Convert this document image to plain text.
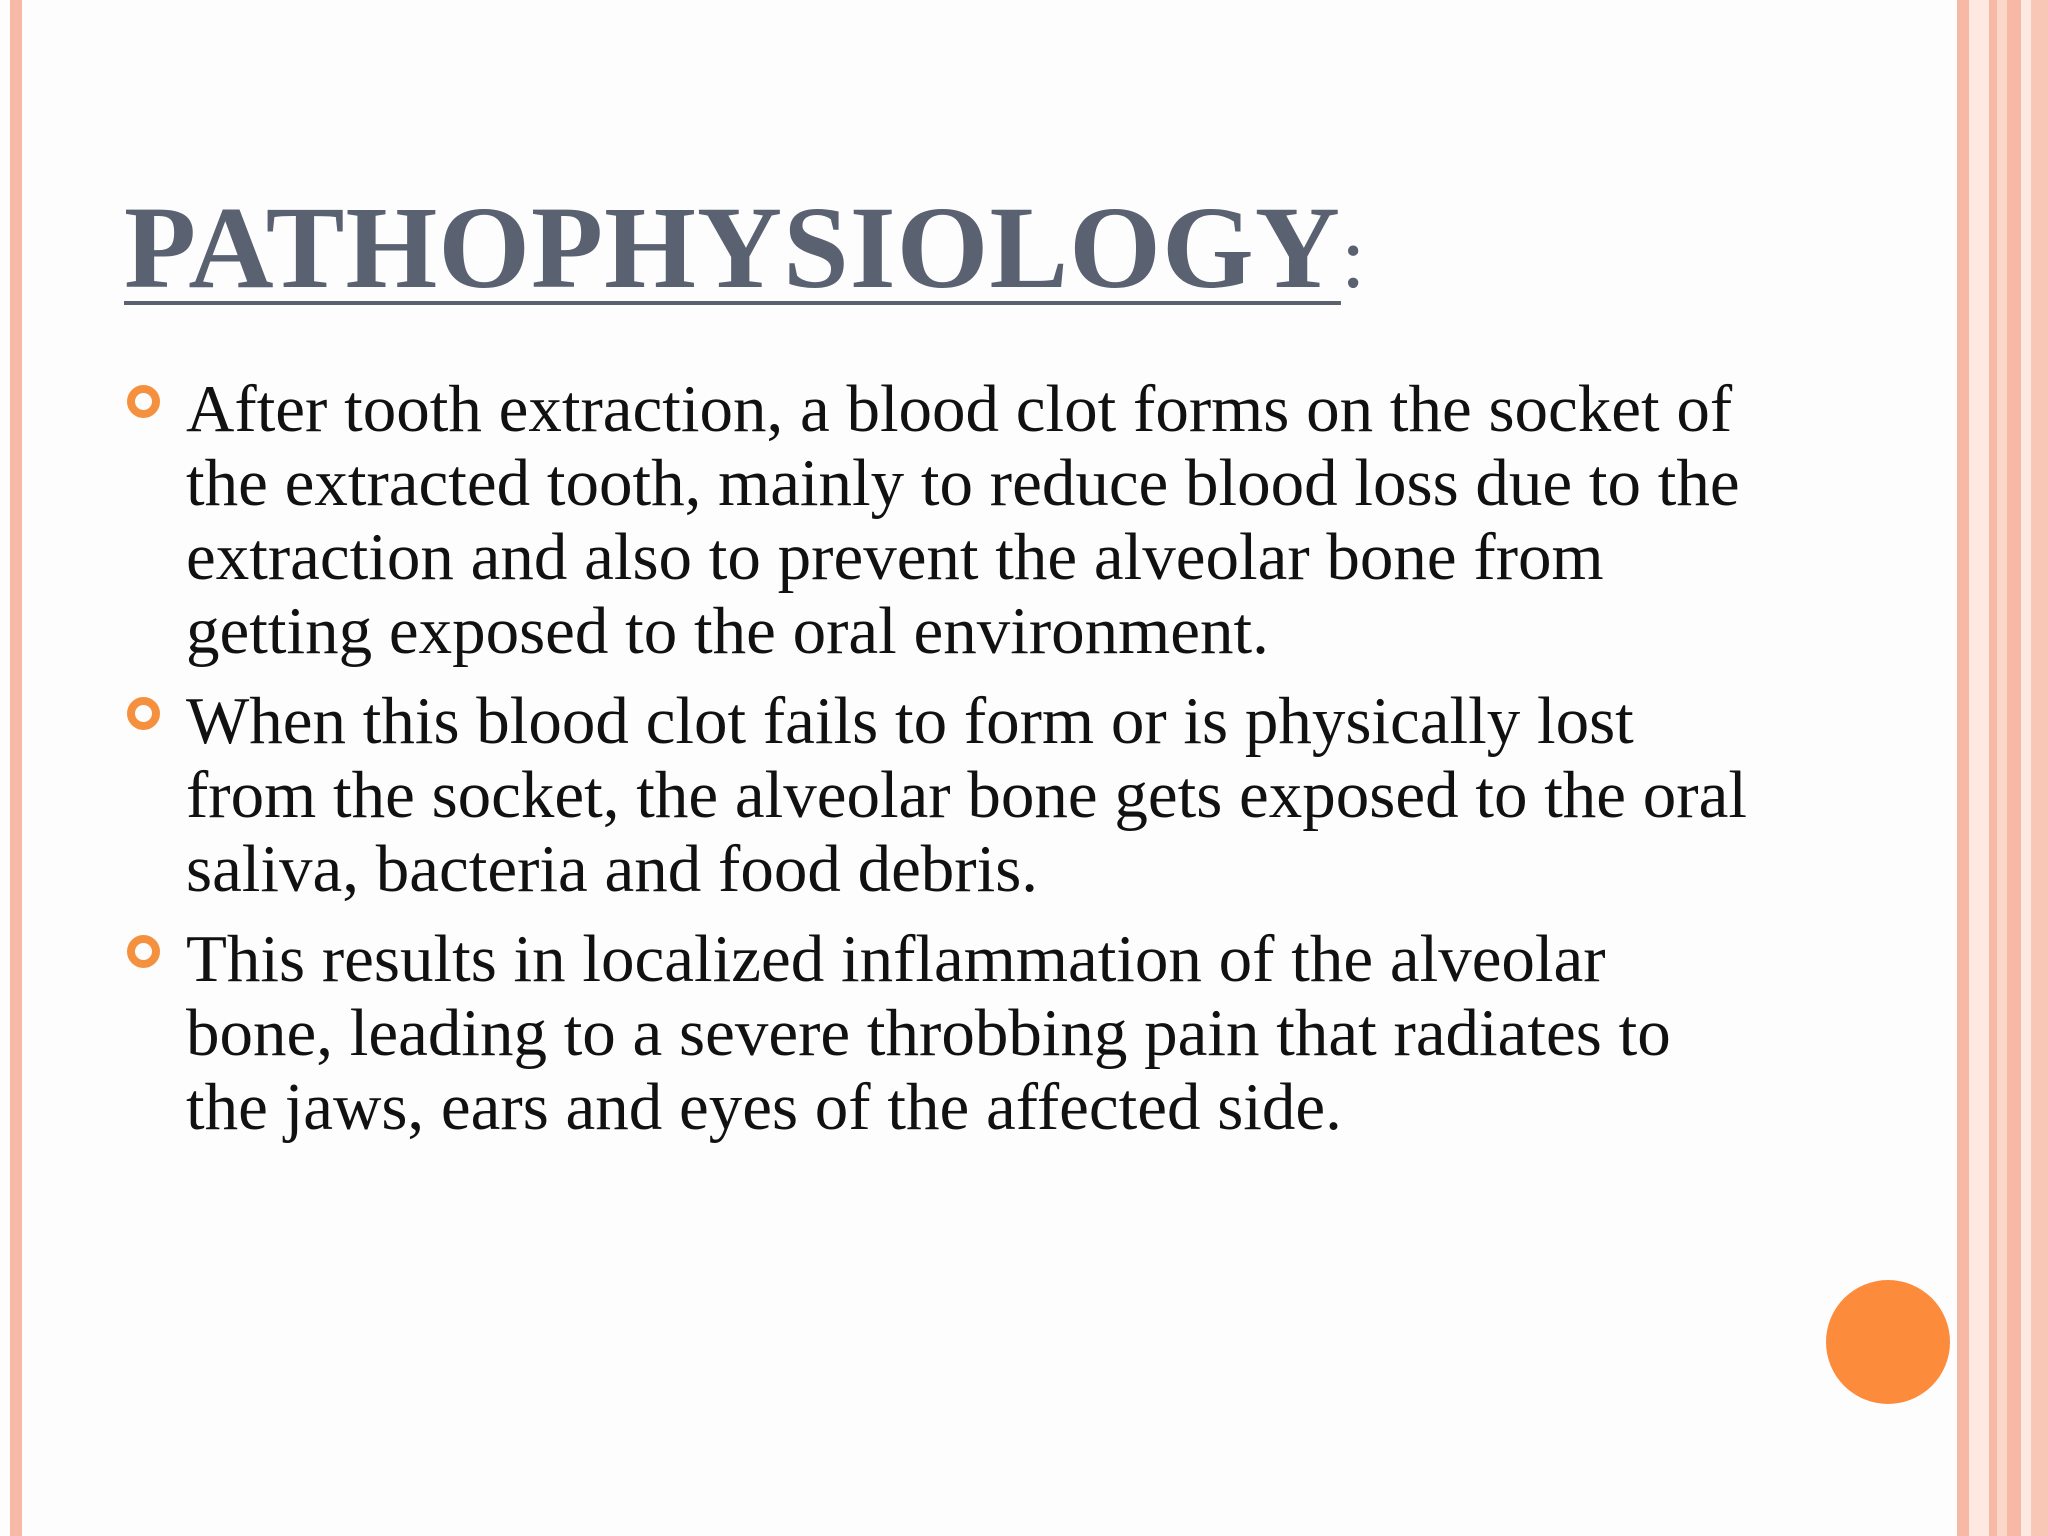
PATHOPHYSIOLOGY:
After tooth extraction, a blood clot forms on the socket of the extracted tooth, mainly to reduce blood loss due to the extraction and also to prevent the alveolar bone from getting exposed to the oral environment.
When this blood clot fails to form or is physically lost from the socket, the alveolar bone gets exposed to the oral saliva, bacteria and food debris.
This results in localized inflammation of the alveolar bone, leading to a severe throbbing pain that radiates to the jaws, ears and eyes of the affected side.
